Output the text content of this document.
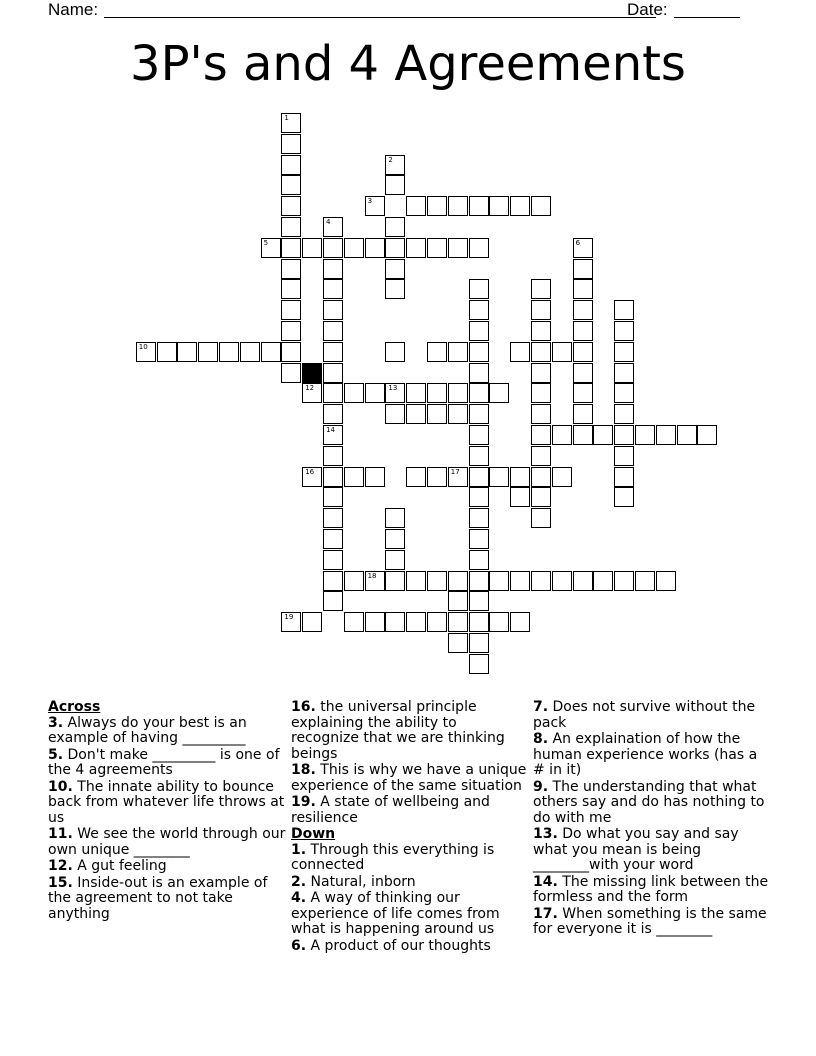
Name:	Date:
3P's and 4 Agreements
1
2
3
4
14
5	6
10
12	13
16	17
18
19
Across
3. Always do your best is an example of having _________
5. Don't make _________ is one of the 4 agreements
10. The innate ability to bounce back from whatever life throws at us
11. We see the world through our own unique ________
12. A gut feeling
15. Inside-out is an example of the agreement to not take anything
16. the universal principle explaining the ability to recognize that we are thinking beings
18. This is why we have a unique experience of the same situation
19. A state of wellbeing and resilience
Down
1. Through this everything is connected
2. Natural, inborn
4. A way of thinking our experience of life comes from what is happening around us
6. A product of our thoughts
7. Does not survive without the pack
8. An explaination of how the human experience works (has a # in it)
9. The understanding that what others say and do has nothing to do with me
13. Do what you say and say what you mean is being ________with your word
14. The missing link between the formless and the form
17. When something is the same for everyone it is ________
